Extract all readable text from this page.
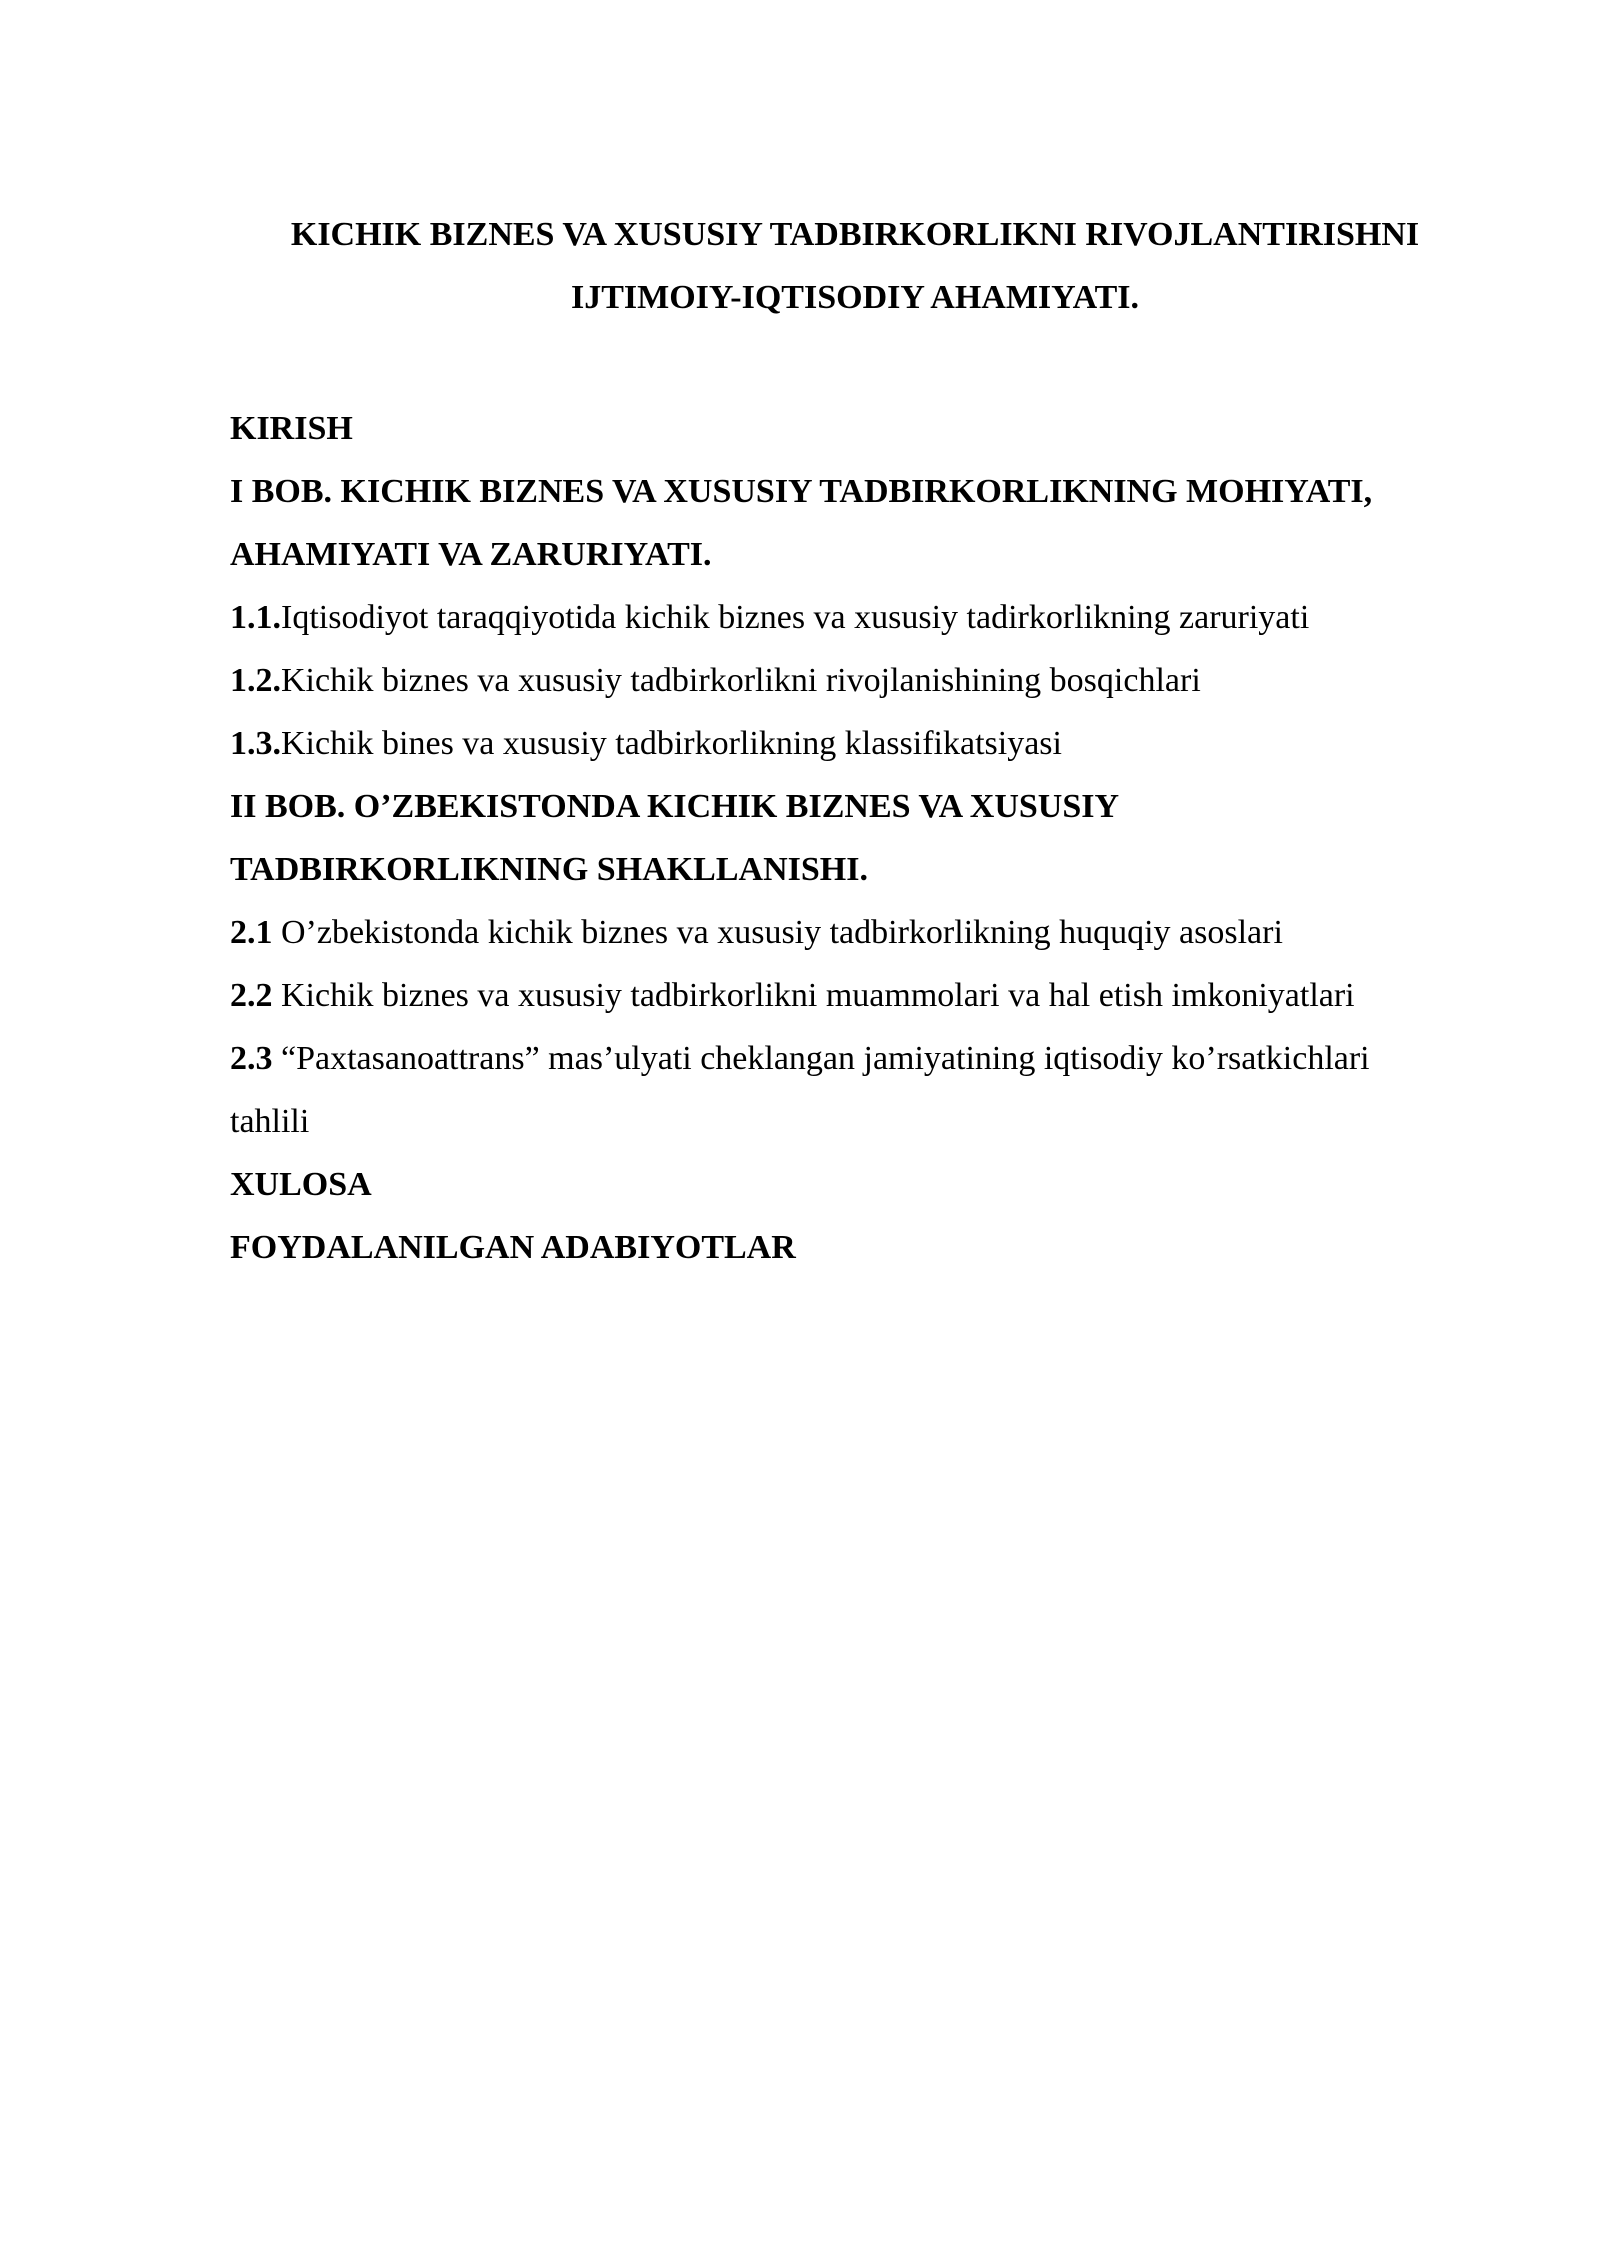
KICHIK BIZNES VA XUSUSIY TADBIRKORLIKNI RIVOJLANTIRISHNI
IJTIMOIY-IQTISODIY AHAMIYATI.
KIRISH
I BOB. KICHIK BIZNES VA XUSUSIY TADBIRKORLIKNING MOHIYATI,
AHAMIYATI VA ZARURIYATI.
1.1.Iqtisodiyot taraqqiyotida kichik biznes va xususiy tadirkorlikning zaruriyati
1.2.Kichik biznes va xususiy tadbirkorlikni rivojlanishining bosqichlari
1.3.Kichik bines va xususiy tadbirkorlikning klassifikatsiyasi
II BOB. O’ZBEKISTONDA KICHIK BIZNES VA XUSUSIY
TADBIRKORLIKNING SHAKLLANISHI.
2.1 O’zbekistonda kichik biznes va xususiy tadbirkorlikning huquqiy asoslari
2.2 Kichik biznes va xususiy tadbirkorlikni muammolari va hal etish imkoniyatlari
2.3 “Paxtasanoattrans” mas’ulyati cheklangan jamiyatining iqtisodiy ko’rsatkichlari
tahlili
XULOSA
FOYDALANILGAN ADABIYOTLAR
